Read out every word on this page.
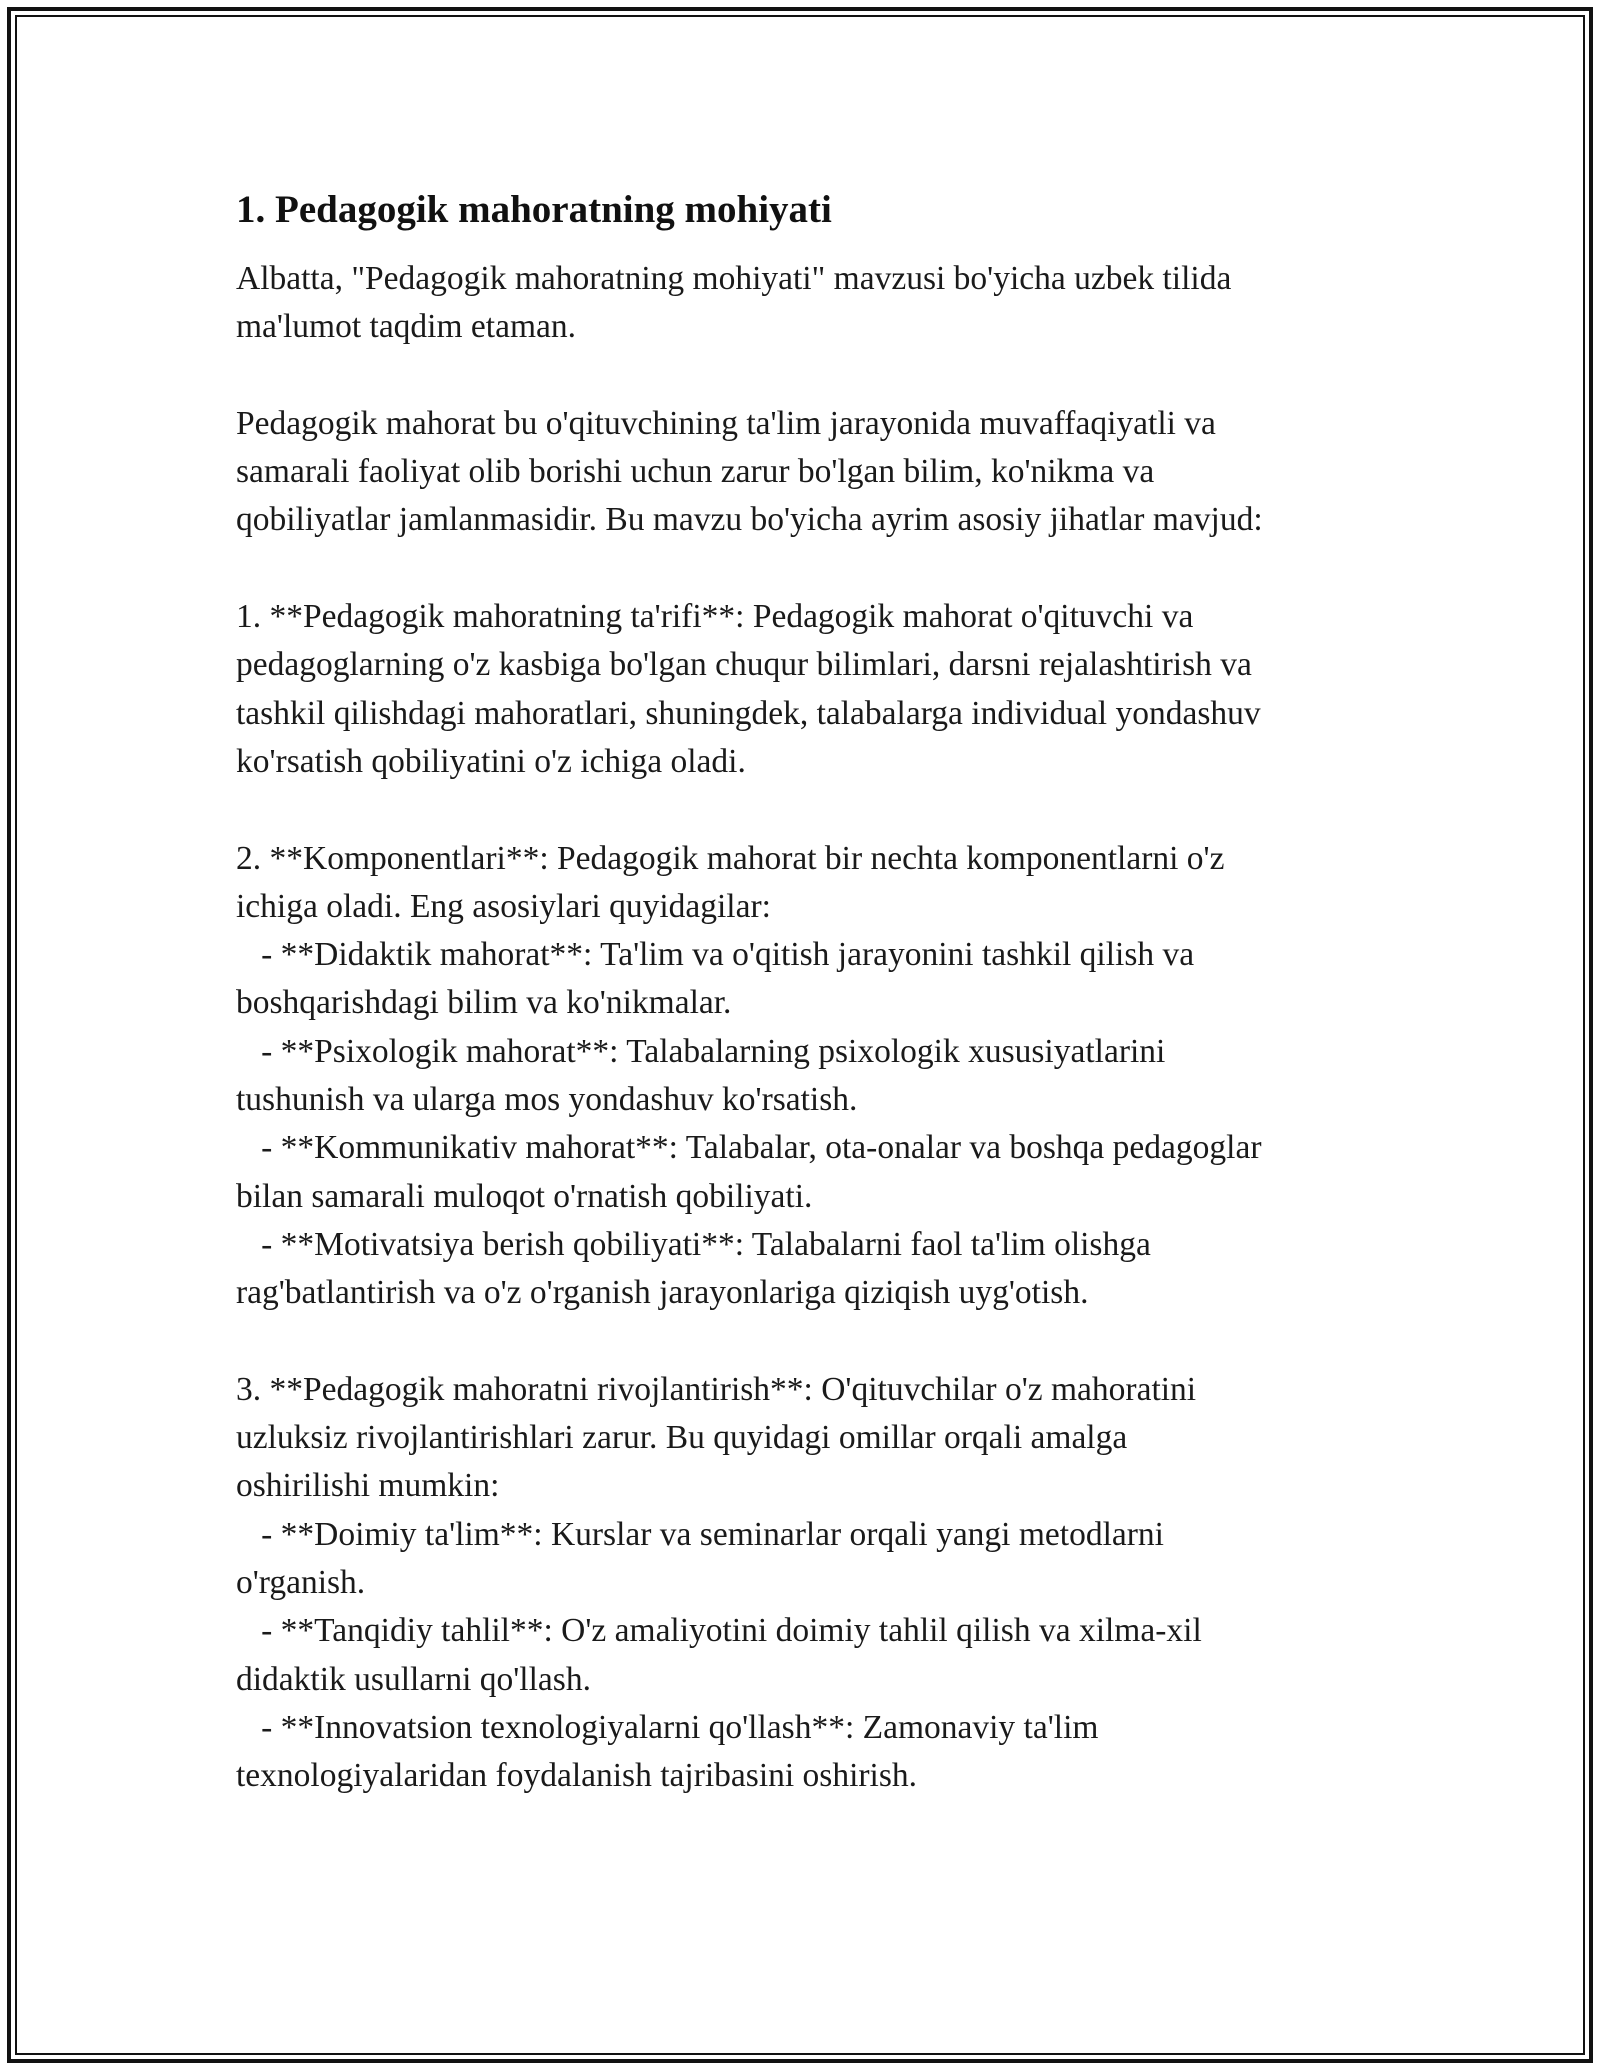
1. Pedagogik mahoratning mohiyati
Albatta, "Pedagogik mahoratning mohiyati" mavzusi bo'yicha uzbek tilida
ma'lumot taqdim etaman.
Pedagogik mahorat bu o'qituvchining ta'lim jarayonida muvaffaqiyatli va
samarali faoliyat olib borishi uchun zarur bo'lgan bilim, ko'nikma va
qobiliyatlar jamlanmasidir. Bu mavzu bo'yicha ayrim asosiy jihatlar mavjud:
1. **Pedagogik mahoratning ta'rifi**: Pedagogik mahorat o'qituvchi va
pedagoglarning o'z kasbiga bo'lgan chuqur bilimlari, darsni rejalashtirish va
tashkil qilishdagi mahoratlari, shuningdek, talabalarga individual yondashuv
ko'rsatish qobiliyatini o'z ichiga oladi.
2. **Komponentlari**: Pedagogik mahorat bir nechta komponentlarni o'z
ichiga oladi. Eng asosiylari quyidagilar:
- **Didaktik mahorat**: Ta'lim va o'qitish jarayonini tashkil qilish va
boshqarishdagi bilim va ko'nikmalar.
- **Psixologik mahorat**: Talabalarning psixologik xususiyatlarini
tushunish va ularga mos yondashuv ko'rsatish.
- **Kommunikativ mahorat**: Talabalar, ota-onalar va boshqa pedagoglar
bilan samarali muloqot o'rnatish qobiliyati.
- **Motivatsiya berish qobiliyati**: Talabalarni faol ta'lim olishga
rag'batlantirish va o'z o'rganish jarayonlariga qiziqish uyg'otish.
3. **Pedagogik mahoratni rivojlantirish**: O'qituvchilar o'z mahoratini
uzluksiz rivojlantirishlari zarur. Bu quyidagi omillar orqali amalga
oshirilishi mumkin:
- **Doimiy ta'lim**: Kurslar va seminarlar orqali yangi metodlarni
o'rganish.
- **Tanqidiy tahlil**: O'z amaliyotini doimiy tahlil qilish va xilma-xil
didaktik usullarni qo'llash.
- **Innovatsion texnologiyalarni qo'llash**: Zamonaviy ta'lim
texnologiyalaridan foydalanish tajribasini oshirish.
